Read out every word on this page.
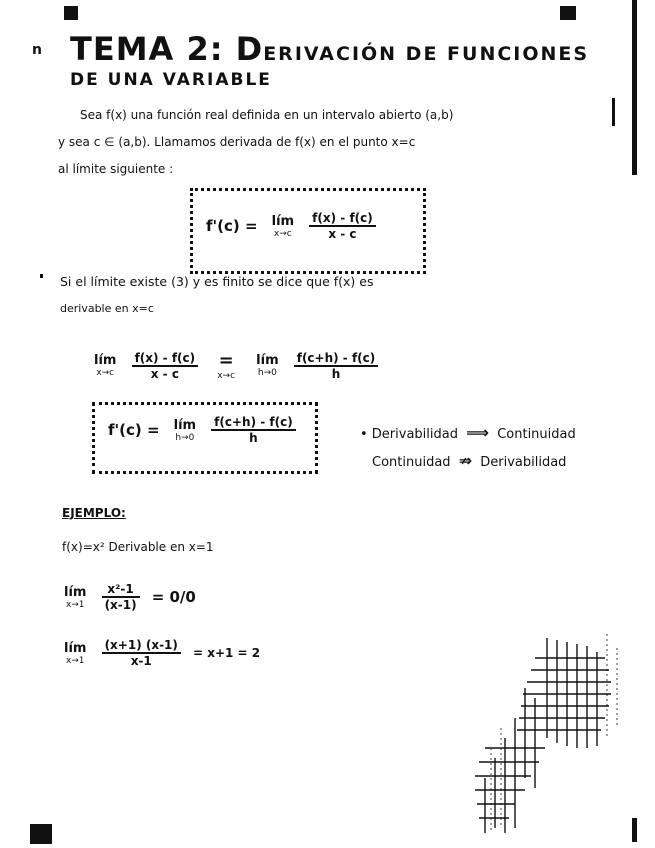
n TEMA 2: DERIVACIÓN DE FUNCIONES
DE UNA VARIABLE
Sea f(x) una función real definida en un intervalo abierto (a,b)
y sea c ∈ (a,b). Llamamos derivada de f(x) en el punto x=c
al límite siguiente :
f'(c) = lím
x→c
$\frac{f(x) - f(c)}{x - c}$
Si el límite existe (3) y es finito se dice que f(x) es
derivable en x=c
lím
x→c
$\frac{f(x) - f(c)}{x - c}$
=
x→c

lím
h→0
$\frac{f(c+h) - f(c)}{h}$
f'(c) = lím
h→0
$\frac{f(c+h) - f(c)}{h}$	• Derivabilidad ⟹ Continuidad
Continuidad ⇏ Derivabilidad
EJEMPLO:
f(x)=x² Derivable en x=1
lím
x→1
$\frac{\text{x²-1}}{(x-1)} = 0/0$
lím
x→1
$\frac{(x+1) (x-1)}{x-1} = x+1 = 2$
